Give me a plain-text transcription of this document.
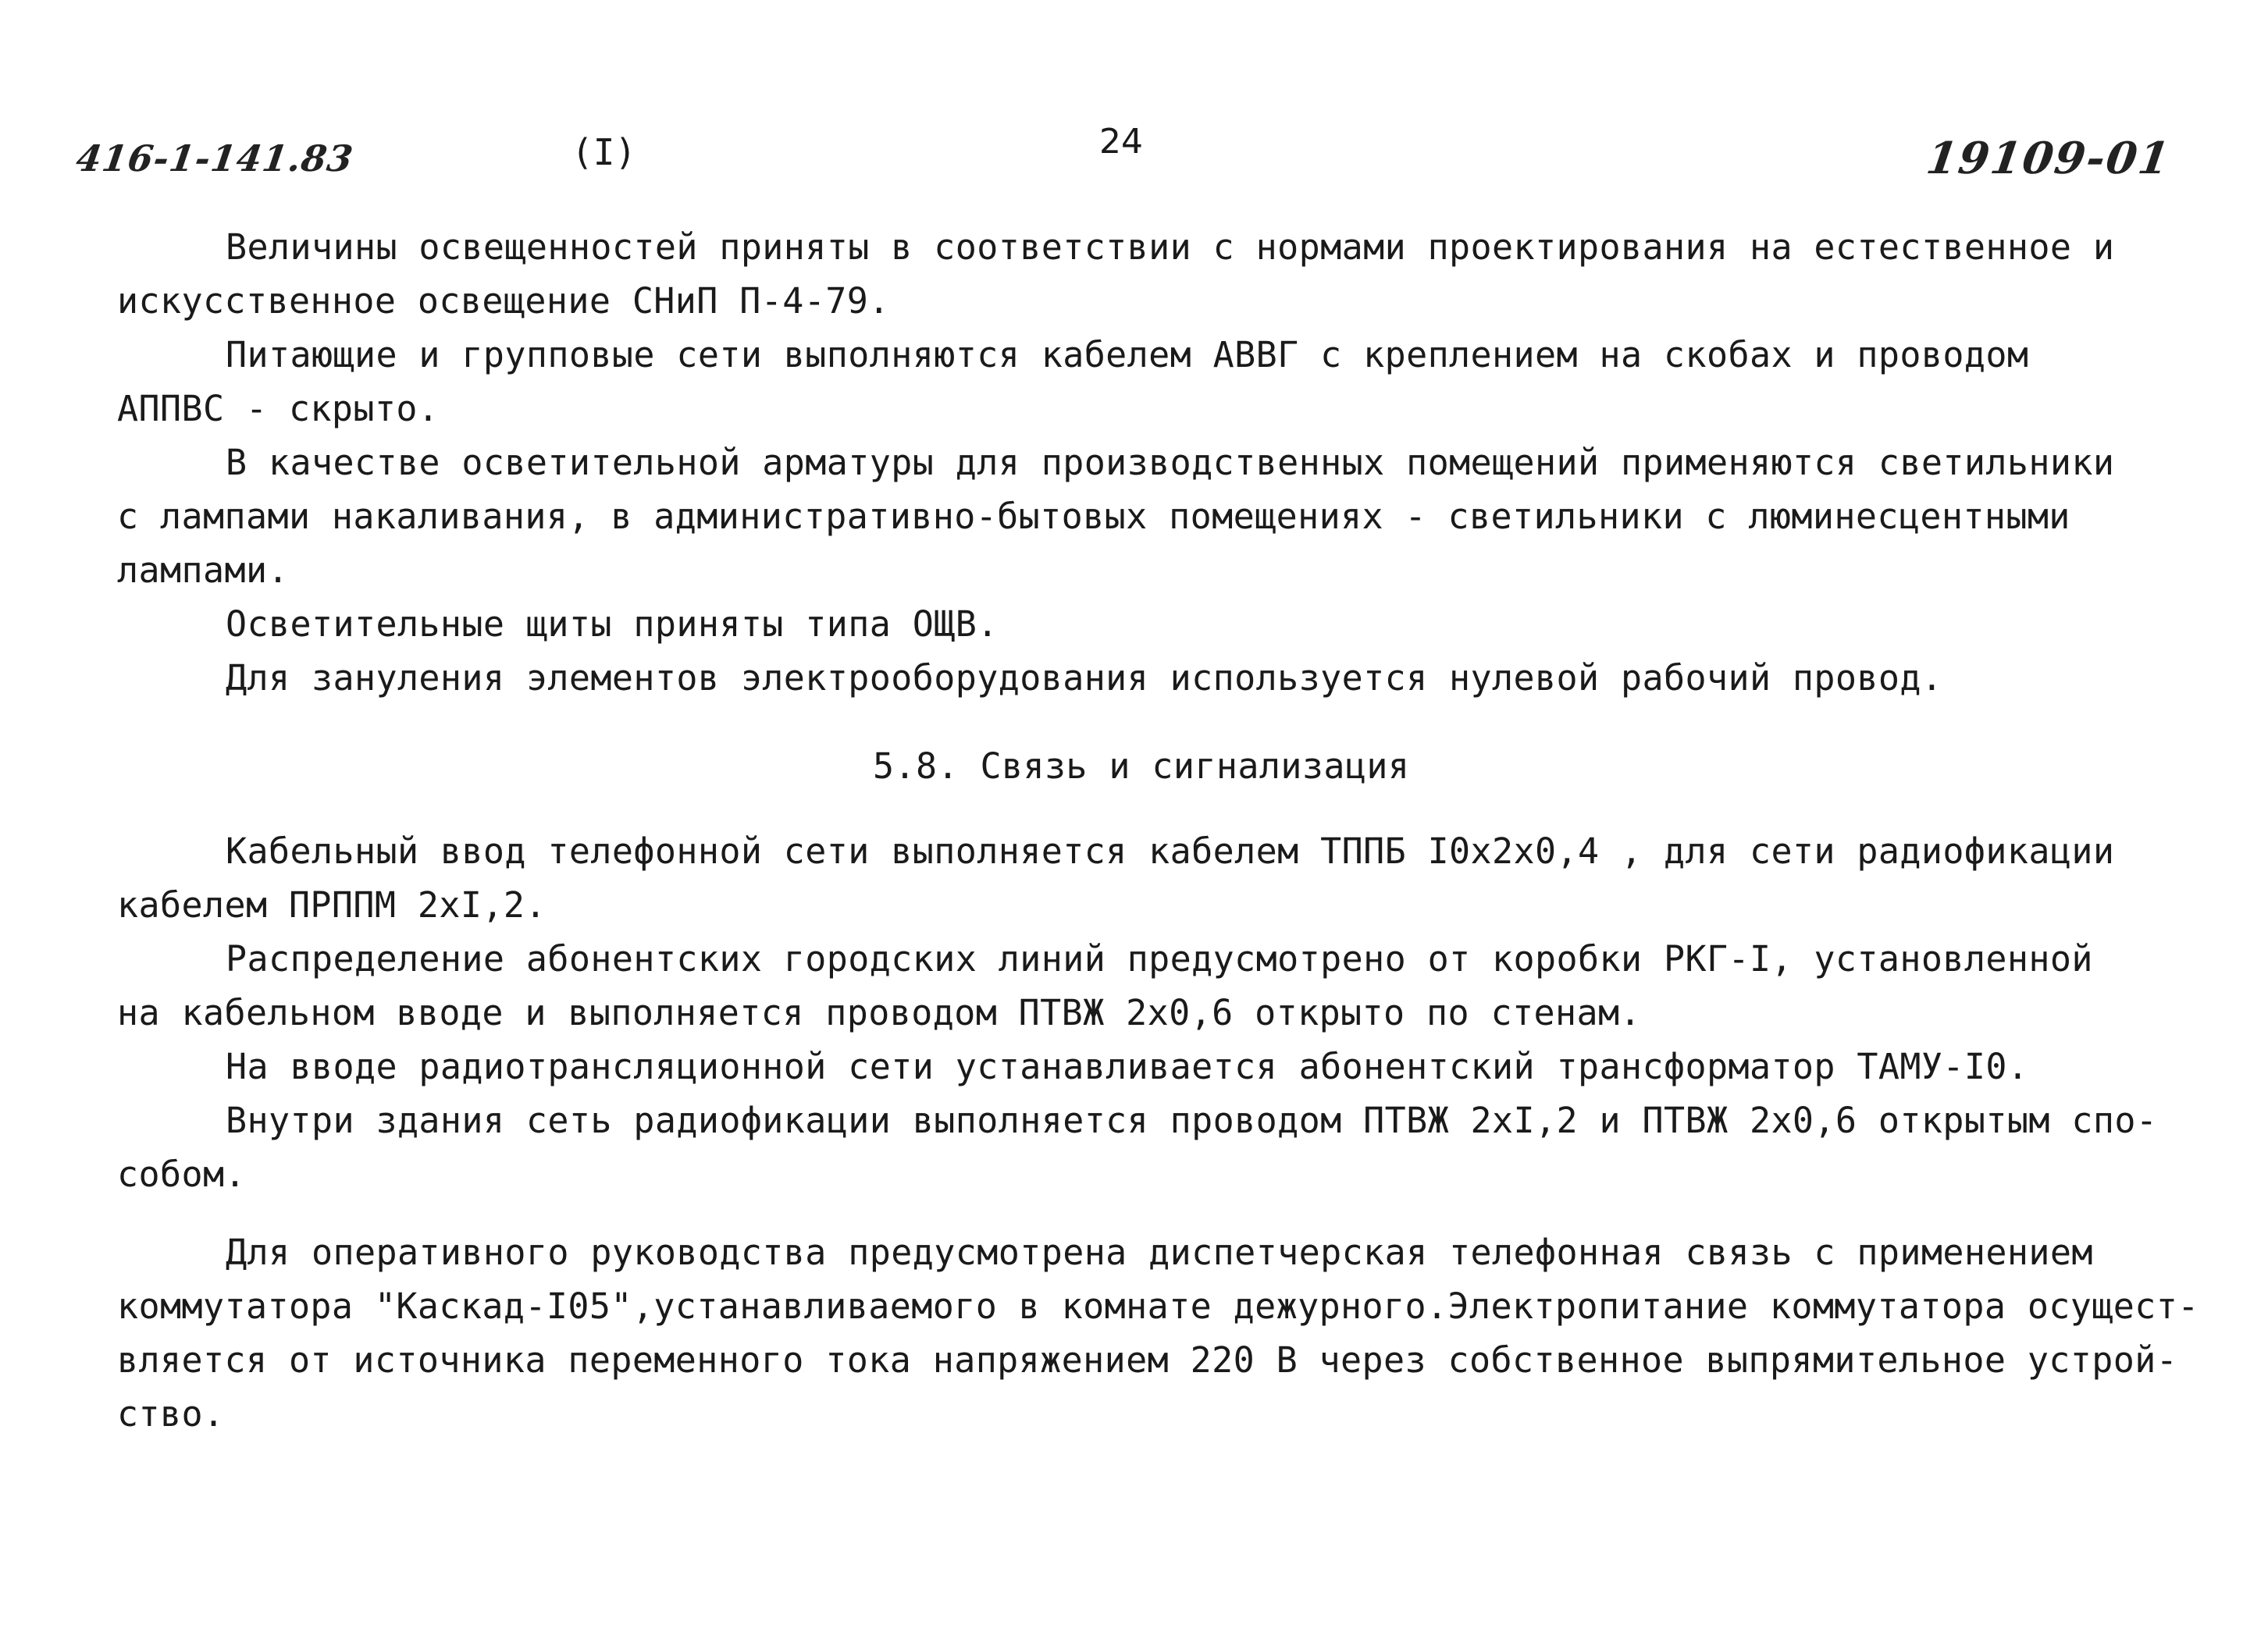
416-1-141.83	(I)	24	19109-01
Величины освещенностей приняты в соответствии с нормами проектирования на естественное и
искусственное освещение СНиП П-4-79.
Питающие и групповые сети выполняются кабелем АВВГ с креплением на скобах и проводом
АППВС - скрыто.
В качестве осветительной арматуры для производственных помещений применяются светильники
с лампами накаливания, в административно-бытовых помещениях - светильники с люминесцентными
лампами.
Осветительные щиты приняты типа ОЩВ.
Для зануления элементов электрооборудования используется нулевой рабочий провод.
5.8. Связь и сигнализация
Кабельный ввод телефонной сети выполняется кабелем ТППБ I0x2x0,4 , для сети радиофикации
кабелем ПРППМ 2xI,2.
Распределение абонентских городских линий предусмотрено от коробки РКГ-I, установленной
на кабельном вводе и выполняется проводом ПТВЖ 2x0,6 открыто по стенам.
На вводе радиотрансляционной сети устанавливается абонентский трансформатор ТАМУ-I0.
Внутри здания сеть радиофикации выполняется проводом ПТВЖ 2xI,2 и ПТВЖ 2x0,6 открытым спо-
собом.
Для оперативного руководства предусмотрена диспетчерская телефонная связь с применением
коммутатора "Каскад-I05",устанавливаемого в комнате дежурного.Электропитание коммутатора осущест-
вляется от источника переменного тока напряжением 220 В через собственное выпрямительное устрой-
ство.
